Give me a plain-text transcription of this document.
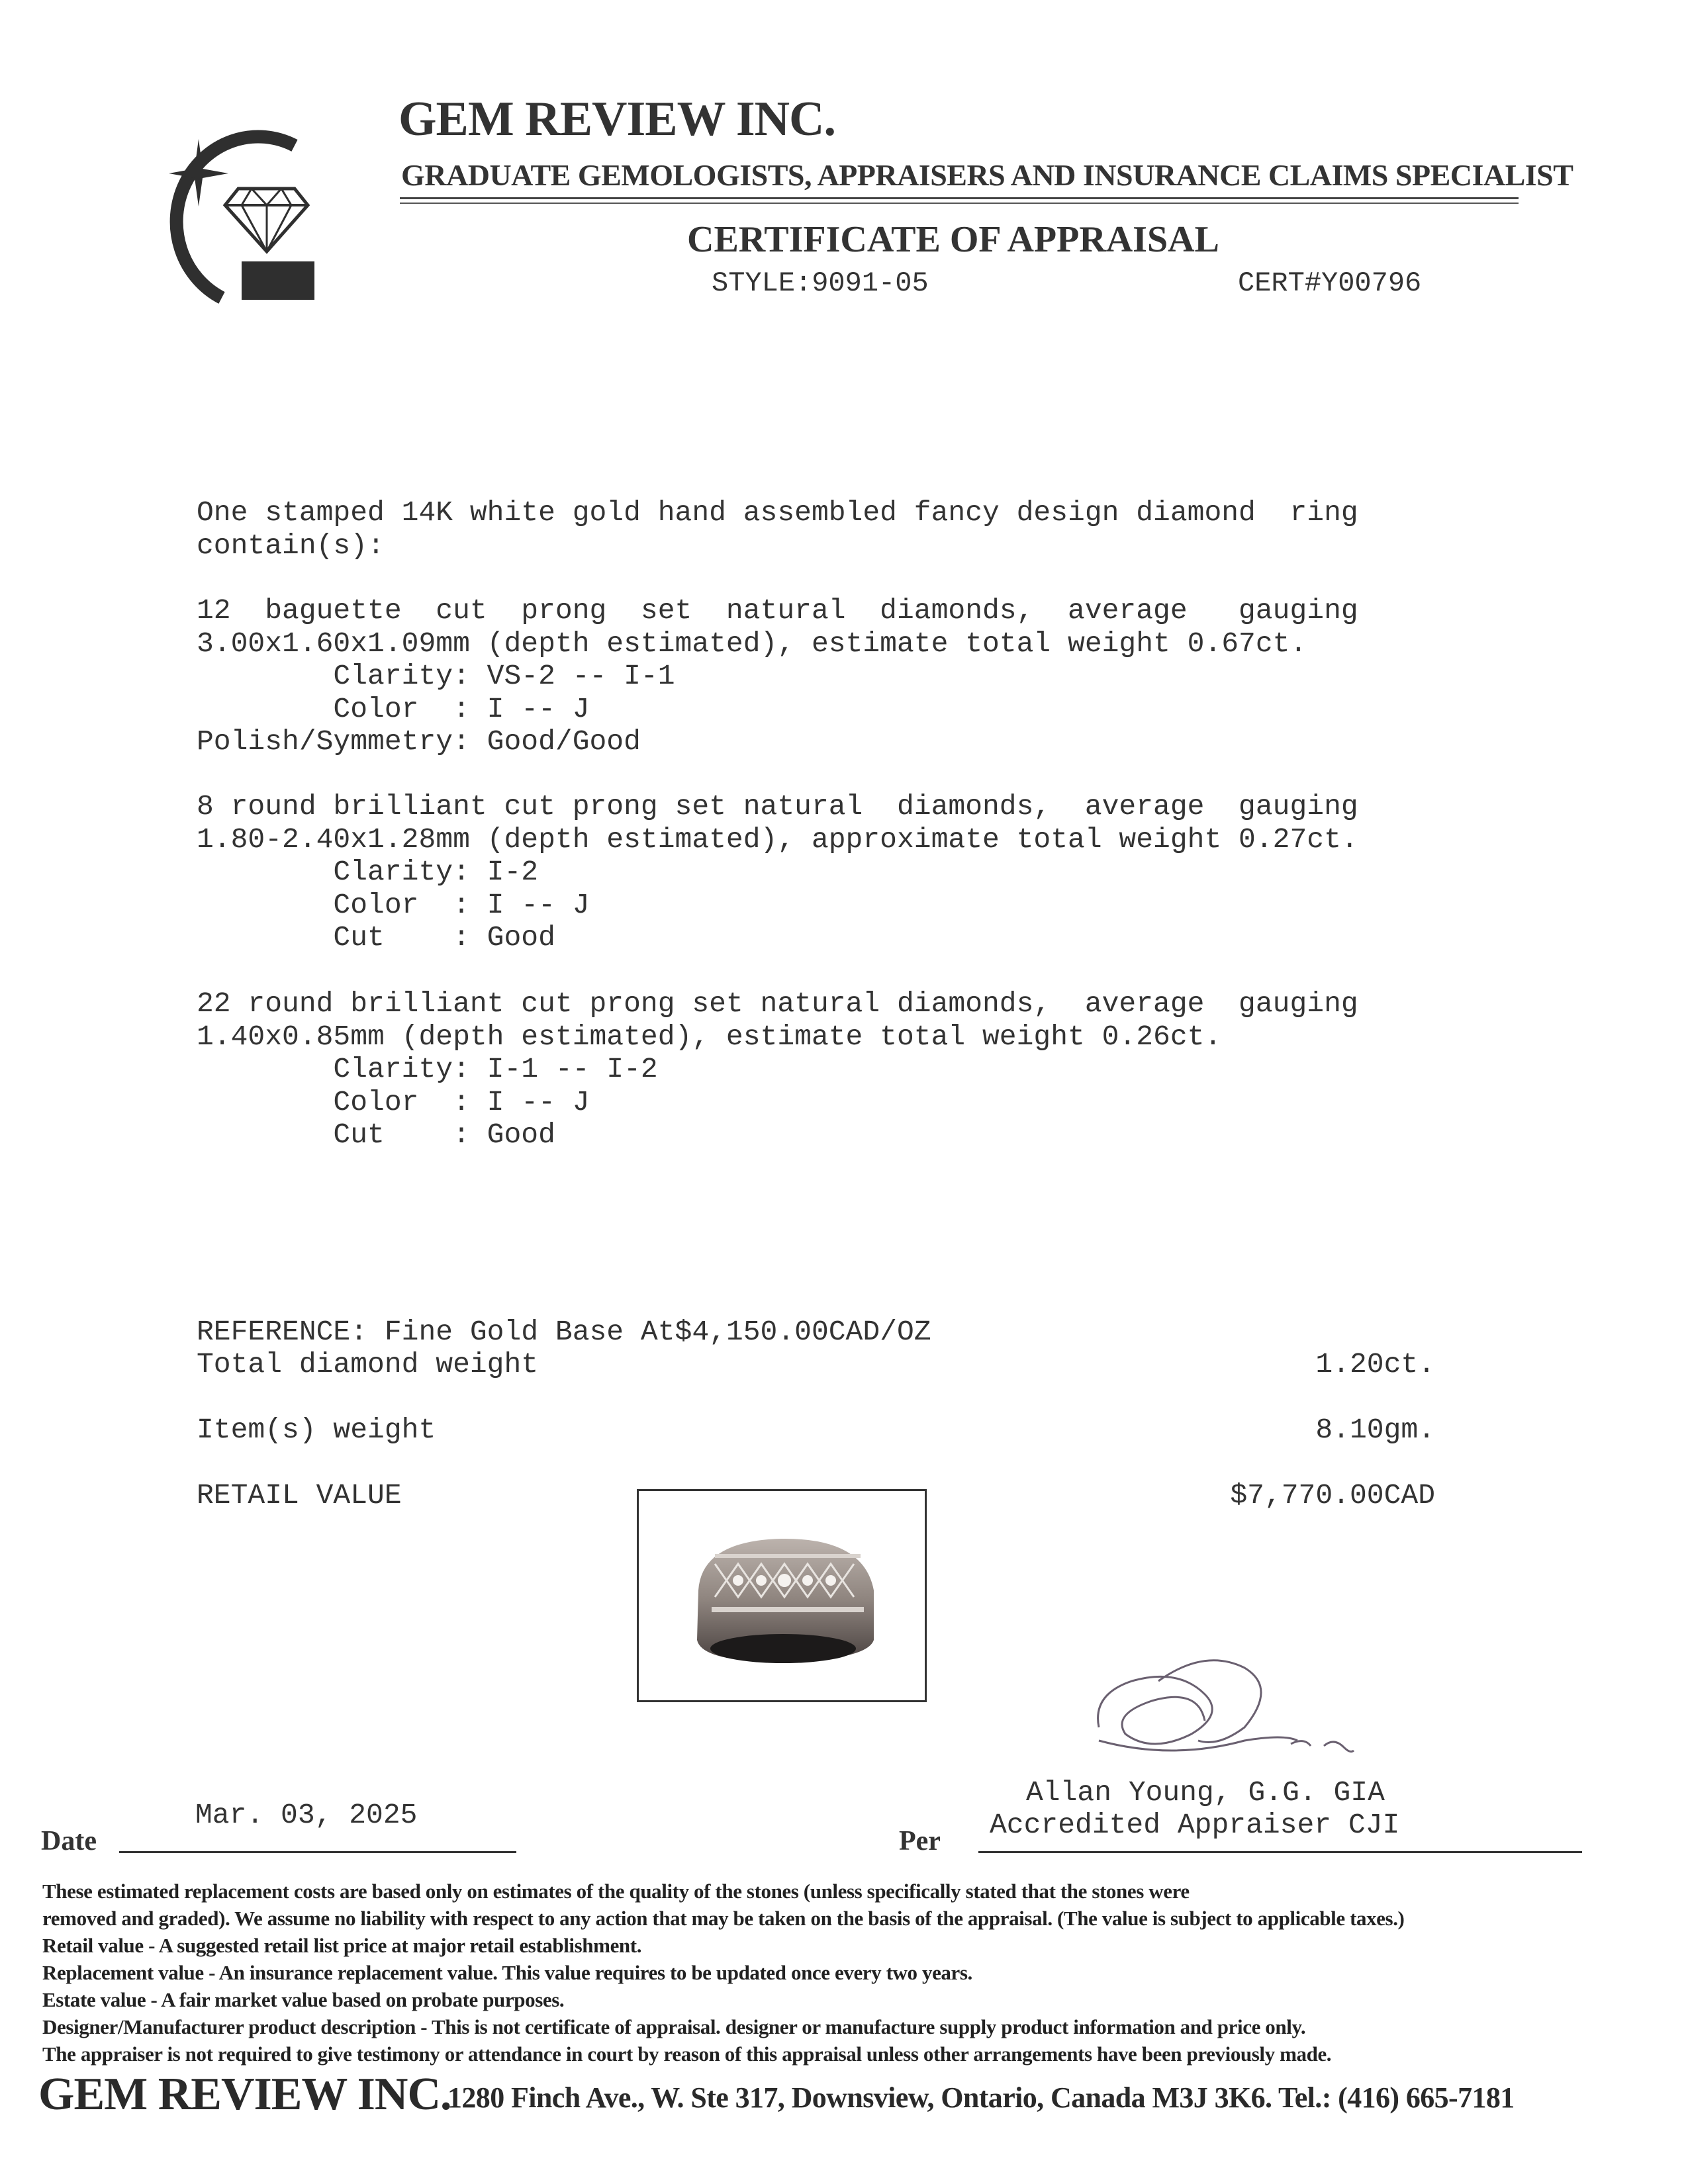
GEM REVIEW INC.
GRADUATE GEMOLOGISTS, APPRAISERS AND INSURANCE CLAIMS SPECIALIST
CERTIFICATE OF APPRAISAL
STYLE:9091-05	CERT#Y00796
One stamped 14K white gold hand assembled fancy design diamond  ring
contain(s):
12  baguette  cut  prong  set  natural  diamonds,  average   gauging
3.00x1.60x1.09mm (depth estimated), estimate total weight 0.67ct.
Clarity: VS-2 -- I-1
Color  : I -- J
Polish/Symmetry: Good/Good
8 round brilliant cut prong set natural  diamonds,  average  gauging
1.80-2.40x1.28mm (depth estimated), approximate total weight 0.27ct.
Clarity: I-2
Color  : I -- J
Cut    : Good
22 round brilliant cut prong set natural diamonds,  average  gauging
1.40x0.85mm (depth estimated), estimate total weight 0.26ct.
Clarity: I-1 -- I-2
Color  : I -- J
Cut    : Good
REFERENCE: Fine Gold Base At$4,150.00CAD/OZ
Total diamond weight	1.20ct.
Item(s) weight	8.10gm.
RETAIL VALUE	$7,770.00CAD
Allan Young, G.G. GIA
Accredited Appraiser CJI
Mar. 03, 2025
Date	Per
These estimated replacement costs are based only on estimates of the quality of the stones (unless specifically stated that the stones were
removed and graded). We assume no liability with respect to any action that may be taken on the basis of the appraisal. (The value is subject to applicable taxes.)
Retail value - A suggested retail list price at major retail establishment.
Replacement value - An insurance replacement value. This value requires to be updated once every two years.
Estate value - A fair market value based on probate purposes.
Designer/Manufacturer product description - This is not certificate of appraisal. designer or manufacture supply product information and price only.
The appraiser is not required to give testimony or attendance in court by reason of this appraisal unless other arrangements have been previously made.
GEM REVIEW INC.
1280 Finch Ave., W. Ste 317, Downsview, Ontario, Canada M3J 3K6. Tel.: (416) 665-7181
